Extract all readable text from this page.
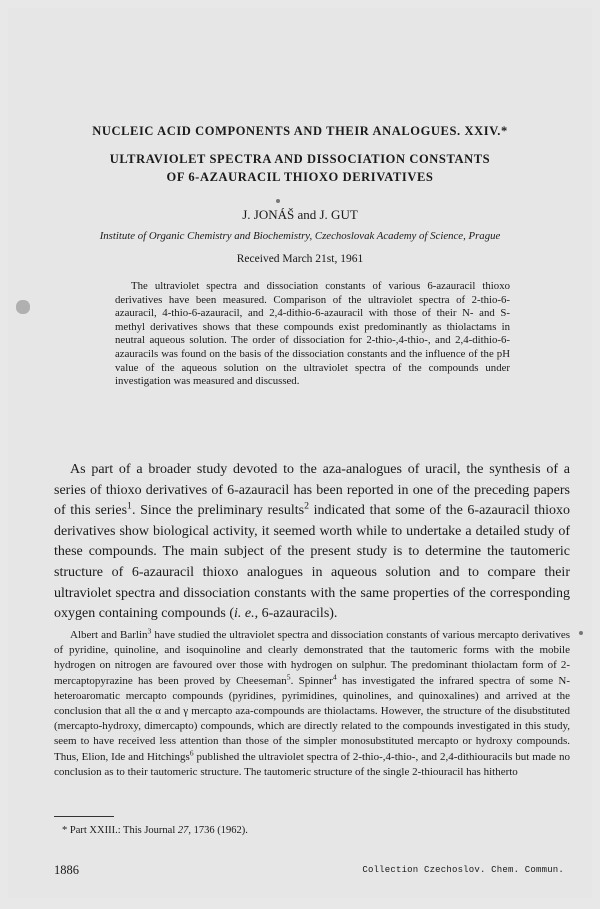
NUCLEIC ACID COMPONENTS AND THEIR ANALOGUES. XXIV.*
ULTRAVIOLET SPECTRA AND DISSOCIATION CONSTANTS
OF 6-AZAURACIL THIOXO DERIVATIVES
J. JONÁŠ and J. GUT
Institute of Organic Chemistry and Biochemistry, Czechoslovak Academy of Science, Prague
Received March 21st, 1961
The ultraviolet spectra and dissociation constants of various 6-azauracil thioxo derivatives have been measured. Comparison of the ultraviolet spectra of 2-thio-6-azauracil, 4-thio-6-azauracil, and 2,4-dithio-6-azauracil with those of their N- and S-methyl derivatives shows that these compounds exist predominantly as thiolactams in neutral aqueous solution. The order of dissociation for 2-thio-,4-thio-, and 2,4-dithio-6-azauracils was found on the basis of the dissociation constants and the influence of the pH value of the aqueous solution on the ultraviolet spectra of the compounds under investigation was measured and discussed.
As part of a broader study devoted to the aza-analogues of uracil, the synthesis of a series of thioxo derivatives of 6-azauracil has been reported in one of the preceding papers of this series$^1$. Since the preliminary results$^2$ indicated that some of the 6-azauracil thioxo derivatives show biological activity, it seemed worth while to undertake a detailed study of these compounds. The main subject of the present study is to determine the tautomeric structure of 6-azauracil thioxo analogues in aqueous solution and to compare their ultraviolet spectra and dissociation constants with the same properties of the corresponding oxygen containing compounds (i. e., 6-azauracils).
Albert and Barlin$^3$ have studied the ultraviolet spectra and dissociation constants of various mercapto derivatives of pyridine, quinoline, and isoquinoline and clearly demonstrated that the tautomeric forms with the mobile hydrogen on nitrogen are favoured over those with hydrogen on sulphur. The predominant thiolactam form of 2-mercaptopyrazine has been proved by Cheeseman$^5$. Spinner$^4$ has investigated the infrared spectra of some N-heteroaromatic mercapto compounds (pyridines, pyrimidines, quinolines, and quinoxalines) and arrived at the conclusion that all the α and γ mercapto aza-compounds are thiolactams. However, the structure of the disubstituted (mercapto-hydroxy, dimercapto) compounds, which are directly related to the compounds investigated in this study, seem to have received less attention than those of the simpler monosubstituted mercapto or hydroxy compounds. Thus, Elion, Ide and Hitchings$^6$ published the ultraviolet spectra of 2-thio-,4-thio-, and 2,4-dithiouracils but made no conclusion as to their tautomeric structure. The tautomeric structure of the single 2-thiouracil has hitherto
* Part XXIII.: This Journal 27, 1736 (1962).
1886	Collection Czechoslov. Chem. Commun.
